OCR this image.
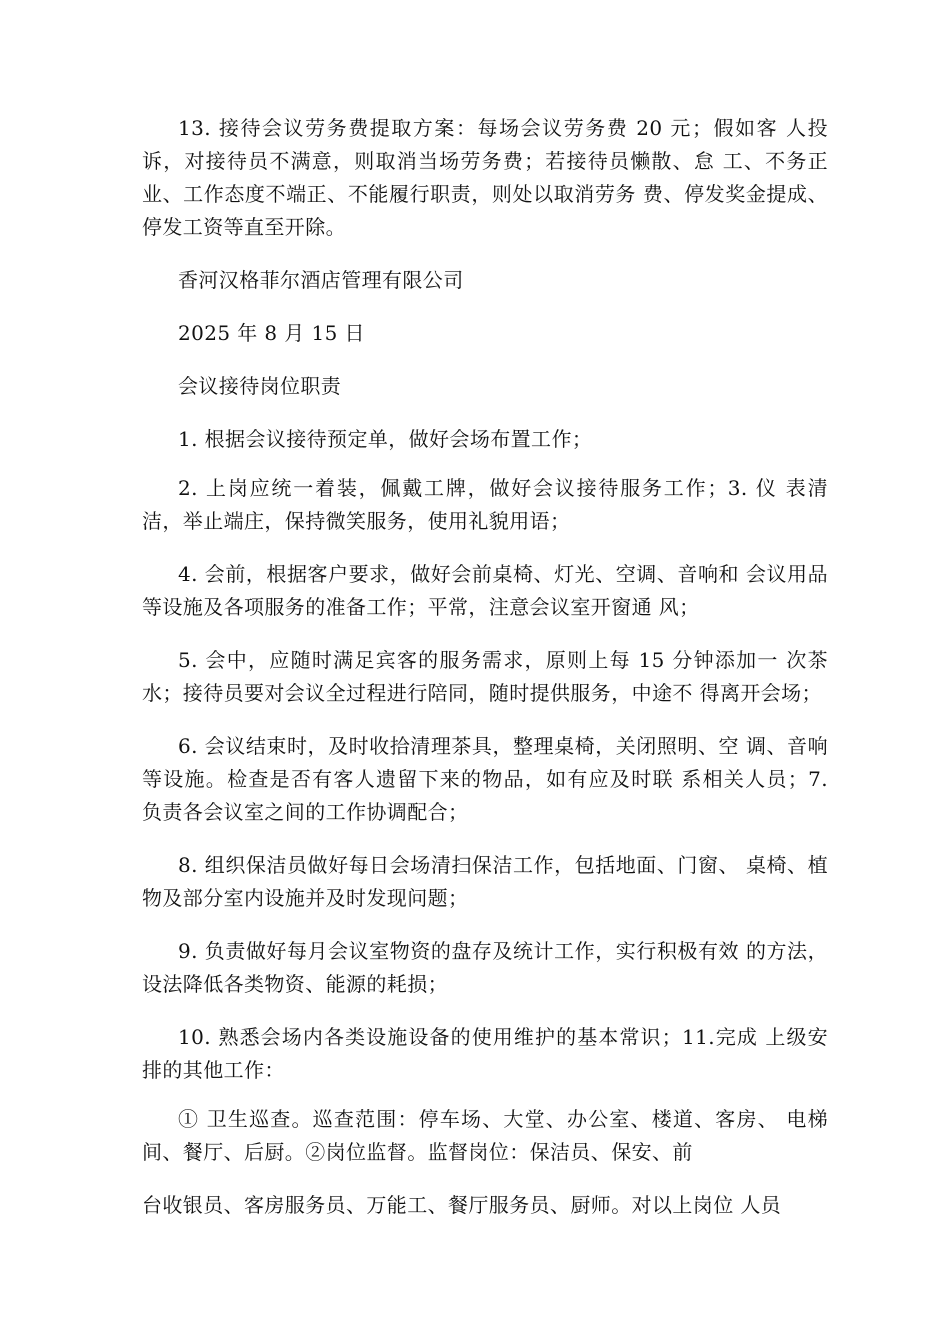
13. 接待会议劳务费提取方案：每场会议劳务费 20 元；假如客 人投诉，对接待员不满意，则取消当场劳务费；若接待员懒散、怠 工、不务正业、工作态度不端正、不能履行职责，则处以取消劳务 费、停发奖金提成、停发工资等直至开除。

香河汉格菲尔酒店管理有限公司

2025 年 8 月 15 日

会议接待岗位职责

1. 根据会议接待预定单，做好会场布置工作；

2. 上岗应统一着装，佩戴工牌，做好会议接待服务工作；3. 仪 表清洁，举止端庄，保持微笑服务，使用礼貌用语；

4. 会前，根据客户要求，做好会前桌椅、灯光、空调、音响和 会议用品等设施及各项服务的准备工作；平常，注意会议室开窗通 风；

5. 会中，应随时满足宾客的服务需求，原则上每 15 分钟添加一 次茶水；接待员要对会议全过程进行陪同，随时提供服务，中途不 得离开会场；

6. 会议结束时，及时收拾清理茶具，整理桌椅，关闭照明、空 调、音响等设施。检查是否有客人遗留下来的物品，如有应及时联 系相关人员；7. 负责各会议室之间的工作协调配合；

8. 组织保洁员做好每日会场清扫保洁工作，包括地面、门窗、 桌椅、植物及部分室内设施并及时发现问题；

9. 负责做好每月会议室物资的盘存及统计工作，实行积极有效 的方法，设法降低各类物资、能源的耗损；

10. 熟悉会场内各类设施设备的使用维护的基本常识；11.完成 上级安排的其他工作：

① 卫生巡查。巡查范围：停车场、大堂、办公室、楼道、客房、 电梯间、餐厅、后厨。②岗位监督。监督岗位：保洁员、保安、前

台收银员、客房服务员、万能工、餐厅服务员、厨师。对以上岗位 人员
